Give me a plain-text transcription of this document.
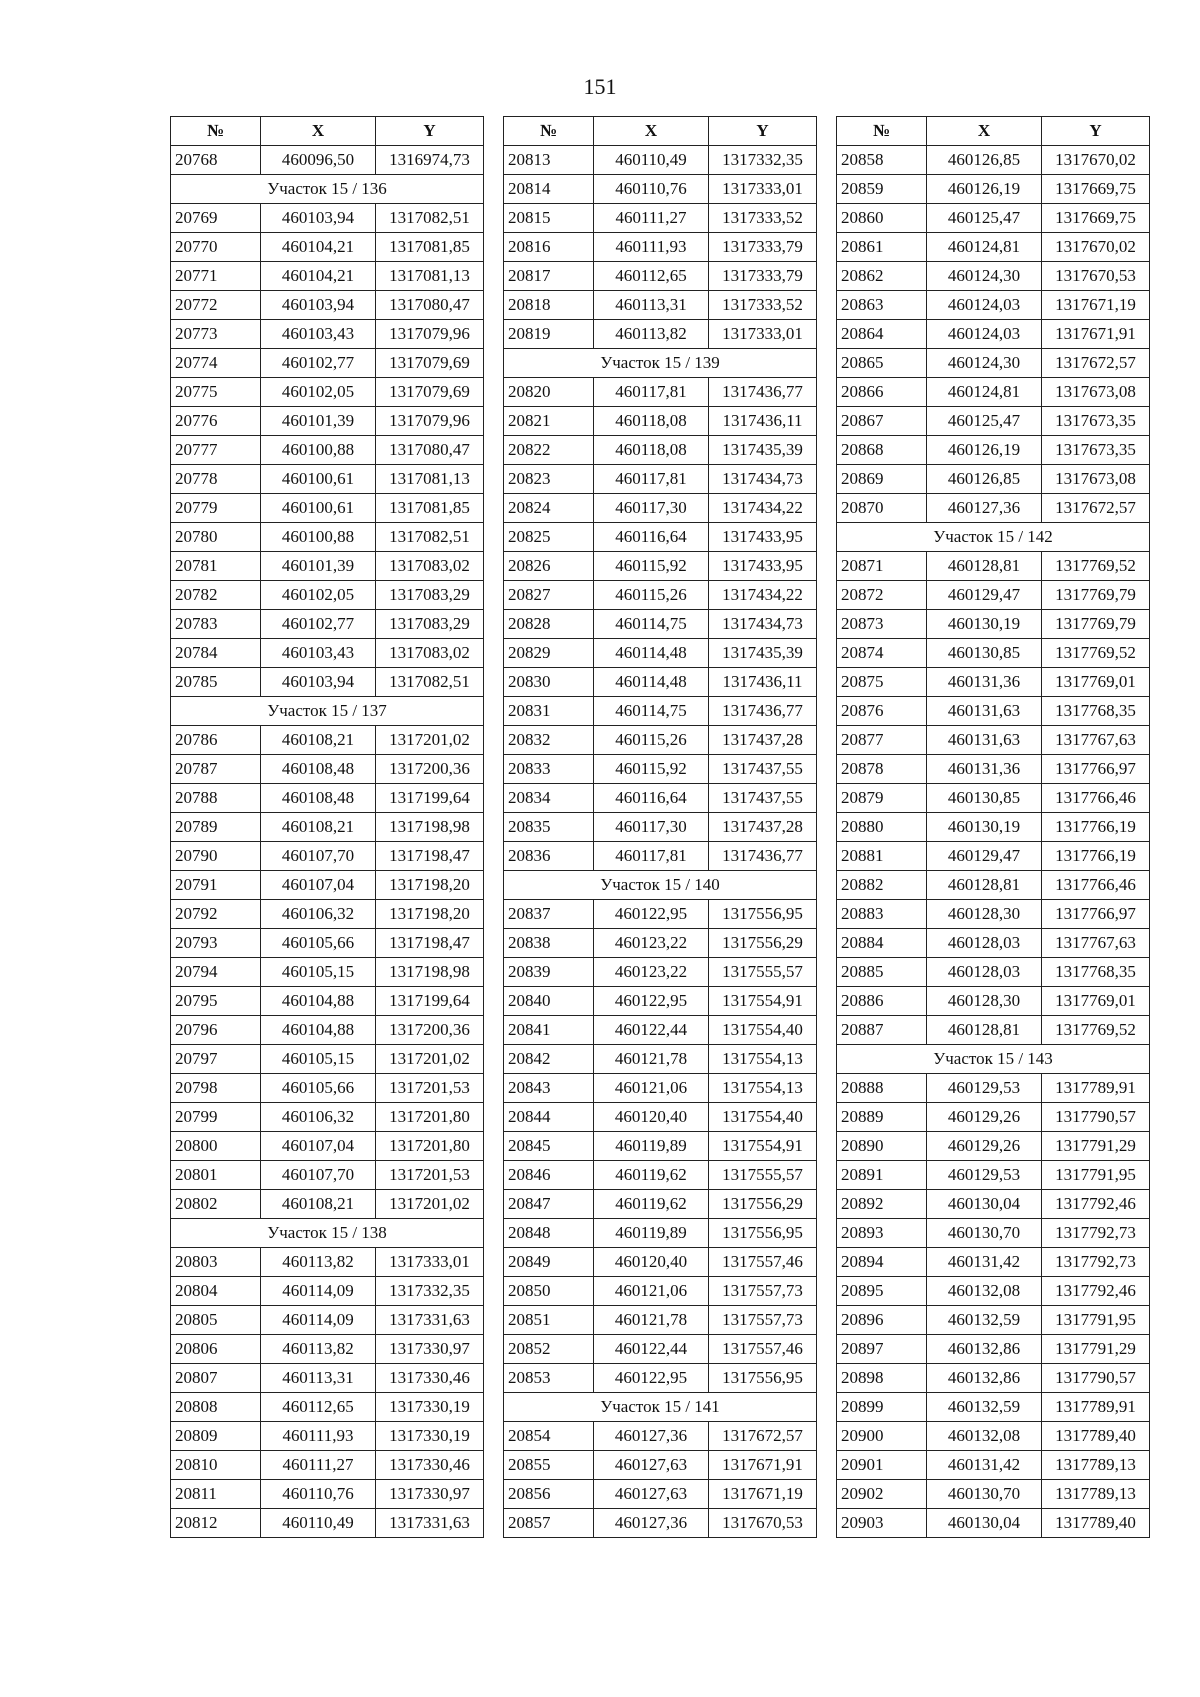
151
№	X	Y
20768	460096,50	1316974,73
Участок 15 / 136		
20769	460103,94	1317082,51
20770	460104,21	1317081,85
20771	460104,21	1317081,13
20772	460103,94	1317080,47
20773	460103,43	1317079,96
20774	460102,77	1317079,69
20775	460102,05	1317079,69
20776	460101,39	1317079,96
20777	460100,88	1317080,47
20778	460100,61	1317081,13
20779	460100,61	1317081,85
20780	460100,88	1317082,51
20781	460101,39	1317083,02
20782	460102,05	1317083,29
20783	460102,77	1317083,29
20784	460103,43	1317083,02
20785	460103,94	1317082,51
Участок 15 / 137		
20786	460108,21	1317201,02
20787	460108,48	1317200,36
20788	460108,48	1317199,64
20789	460108,21	1317198,98
20790	460107,70	1317198,47
20791	460107,04	1317198,20
20792	460106,32	1317198,20
20793	460105,66	1317198,47
20794	460105,15	1317198,98
20795	460104,88	1317199,64
20796	460104,88	1317200,36
20797	460105,15	1317201,02
20798	460105,66	1317201,53
20799	460106,32	1317201,80
20800	460107,04	1317201,80
20801	460107,70	1317201,53
20802	460108,21	1317201,02
Участок 15 / 138		
20803	460113,82	1317333,01
20804	460114,09	1317332,35
20805	460114,09	1317331,63
20806	460113,82	1317330,97
20807	460113,31	1317330,46
20808	460112,65	1317330,19
20809	460111,93	1317330,19
20810	460111,27	1317330,46
20811	460110,76	1317330,97
20812	460110,49	1317331,63
№	X	Y
20813	460110,49	1317332,35
20814	460110,76	1317333,01
20815	460111,27	1317333,52
20816	460111,93	1317333,79
20817	460112,65	1317333,79
20818	460113,31	1317333,52
20819	460113,82	1317333,01
Участок 15 / 139		
20820	460117,81	1317436,77
20821	460118,08	1317436,11
20822	460118,08	1317435,39
20823	460117,81	1317434,73
20824	460117,30	1317434,22
20825	460116,64	1317433,95
20826	460115,92	1317433,95
20827	460115,26	1317434,22
20828	460114,75	1317434,73
20829	460114,48	1317435,39
20830	460114,48	1317436,11
20831	460114,75	1317436,77
20832	460115,26	1317437,28
20833	460115,92	1317437,55
20834	460116,64	1317437,55
20835	460117,30	1317437,28
20836	460117,81	1317436,77
Участок 15 / 140		
20837	460122,95	1317556,95
20838	460123,22	1317556,29
20839	460123,22	1317555,57
20840	460122,95	1317554,91
20841	460122,44	1317554,40
20842	460121,78	1317554,13
20843	460121,06	1317554,13
20844	460120,40	1317554,40
20845	460119,89	1317554,91
20846	460119,62	1317555,57
20847	460119,62	1317556,29
20848	460119,89	1317556,95
20849	460120,40	1317557,46
20850	460121,06	1317557,73
20851	460121,78	1317557,73
20852	460122,44	1317557,46
20853	460122,95	1317556,95
Участок 15 / 141		
20854	460127,36	1317672,57
20855	460127,63	1317671,91
20856	460127,63	1317671,19
20857	460127,36	1317670,53
№	X	Y
20858	460126,85	1317670,02
20859	460126,19	1317669,75
20860	460125,47	1317669,75
20861	460124,81	1317670,02
20862	460124,30	1317670,53
20863	460124,03	1317671,19
20864	460124,03	1317671,91
20865	460124,30	1317672,57
20866	460124,81	1317673,08
20867	460125,47	1317673,35
20868	460126,19	1317673,35
20869	460126,85	1317673,08
20870	460127,36	1317672,57
Участок 15 / 142		
20871	460128,81	1317769,52
20872	460129,47	1317769,79
20873	460130,19	1317769,79
20874	460130,85	1317769,52
20875	460131,36	1317769,01
20876	460131,63	1317768,35
20877	460131,63	1317767,63
20878	460131,36	1317766,97
20879	460130,85	1317766,46
20880	460130,19	1317766,19
20881	460129,47	1317766,19
20882	460128,81	1317766,46
20883	460128,30	1317766,97
20884	460128,03	1317767,63
20885	460128,03	1317768,35
20886	460128,30	1317769,01
20887	460128,81	1317769,52
Участок 15 / 143		
20888	460129,53	1317789,91
20889	460129,26	1317790,57
20890	460129,26	1317791,29
20891	460129,53	1317791,95
20892	460130,04	1317792,46
20893	460130,70	1317792,73
20894	460131,42	1317792,73
20895	460132,08	1317792,46
20896	460132,59	1317791,95
20897	460132,86	1317791,29
20898	460132,86	1317790,57
20899	460132,59	1317789,91
20900	460132,08	1317789,40
20901	460131,42	1317789,13
20902	460130,70	1317789,13
20903	460130,04	1317789,40
